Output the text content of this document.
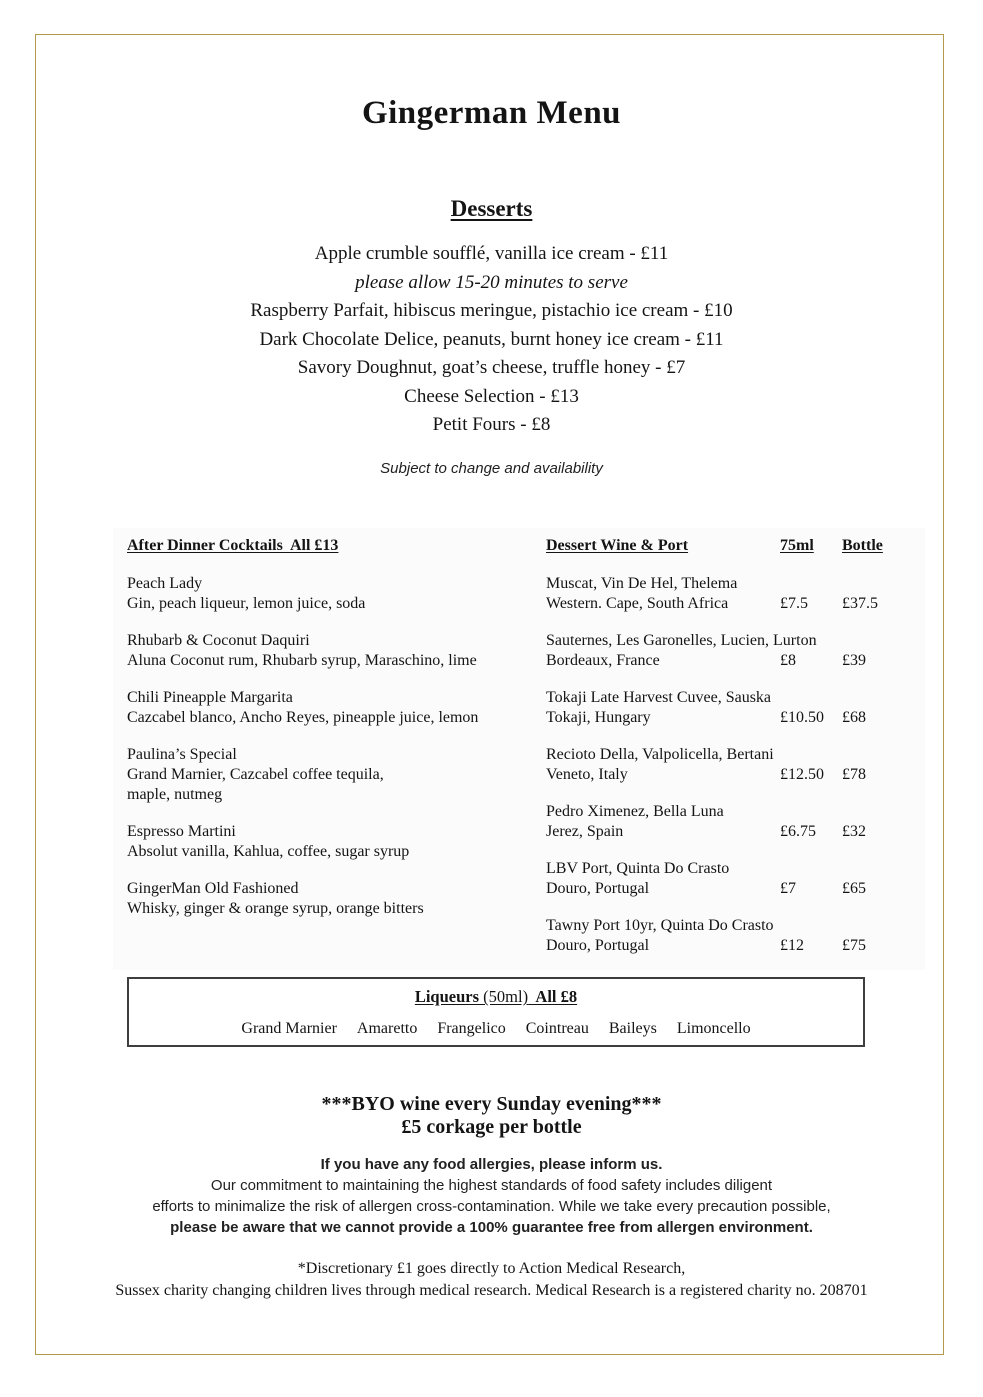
Gingerman Menu
Desserts
Apple crumble soufflé, vanilla ice cream - £11
please allow 15-20 minutes to serve
Raspberry Parfait, hibiscus meringue, pistachio ice cream - £10
Dark Chocolate Delice, peanuts, burnt honey ice cream - £11
Savory Doughnut, goat’s cheese, truffle honey - £7
Cheese Selection - £13
Petit Fours - £8
Subject to change and availability
After Dinner Cocktails  All £13
Peach Lady
Gin, peach liqueur, lemon juice, soda
Rhubarb & Coconut Daquiri
Aluna Coconut rum, Rhubarb syrup, Maraschino, lime
Chili Pineapple Margarita
Cazcabel blanco, Ancho Reyes, pineapple juice, lemon
Paulina’s Special
Grand Marnier, Cazcabel coffee tequila,
maple, nutmeg
Espresso Martini
Absolut vanilla, Kahlua, coffee, sugar syrup
GingerMan Old Fashioned
Whisky, ginger & orange syrup, orange bitters
Dessert Wine & Port	75ml	Bottle
Muscat, Vin De Hel, Thelema
Western. Cape, South Africa	£7.5	£37.5
Sauternes, Les Garonelles, Lucien, Lurton
Bordeaux, France	£8	£39
Tokaji Late Harvest Cuvee, Sauska
Tokaji, Hungary	£10.50	£68
Recioto Della, Valpolicella, Bertani
Veneto, Italy	£12.50	£78
Pedro Ximenez, Bella Luna
Jerez, Spain	£6.75	£32
LBV Port, Quinta Do Crasto
Douro, Portugal	£7	£65
Tawny Port 10yr, Quinta Do Crasto
Douro, Portugal	£12	£75
Liqueurs (50ml)  All £8
Grand Marnier Amaretto Frangelico Cointreau Baileys Limoncello
***BYO wine every Sunday evening***
£5 corkage per bottle
If you have any food allergies, please inform us.
Our commitment to maintaining the highest standards of food safety includes diligent
efforts to minimalize the risk of allergen cross-contamination. While we take every precaution possible,
please be aware that we cannot provide a 100% guarantee free from allergen environment.
*Discretionary £1 goes directly to Action Medical Research,
Sussex charity changing children lives through medical research. Medical Research is a registered charity no. 208701
